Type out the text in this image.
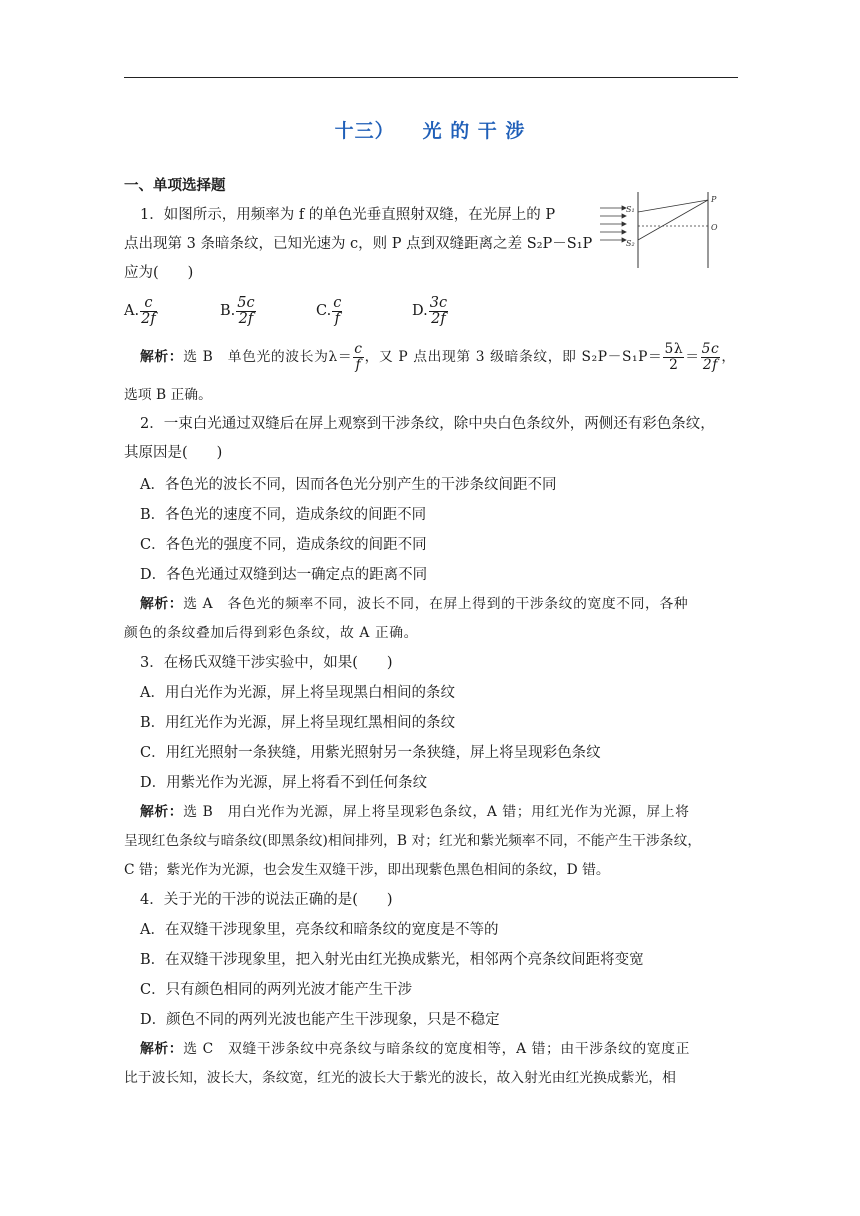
十三） 光 的 干 涉
一、单项选择题
1．如图所示，用频率为 f 的单色光垂直照射双缝，在光屏上的 P
点出现第 3 条暗条纹，已知光速为 c，则 P 点到双缝距离之差 S₂P－S₁P
应为(　　)
S₁
S₂
P
O
A. $\frac{c}{2f}$	B. $\frac{5c}{2f}$	C. $\frac{c}{f}$	D. $\frac{3c}{2f}$
解析：选 B　单色光的波长为$\lambda= \frac{c}{f}$ ，又 P 点出现第 3 级暗条纹，即 $S_2P-S_1P= \frac{5\lambda}{2} = \frac{5c}{2f}$ ，
选项 B 正确。
2．一束白光通过双缝后在屏上观察到干涉条纹，除中央白色条纹外，两侧还有彩色条纹，
其原因是(　　)
A．各色光的波长不同，因而各色光分别产生的干涉条纹间距不同
B．各色光的速度不同，造成条纹的间距不同
C．各色光的强度不同，造成条纹的间距不同
D．各色光通过双缝到达一确定点的距离不同
解析：选 A　各色光的频率不同，波长不同，在屏上得到的干涉条纹的宽度不同，各种
颜色的条纹叠加后得到彩色条纹，故 A 正确。
3．在杨氏双缝干涉实验中，如果(　　)
A．用白光作为光源，屏上将呈现黑白相间的条纹
B．用红光作为光源，屏上将呈现红黑相间的条纹
C．用红光照射一条狭缝，用紫光照射另一条狭缝，屏上将呈现彩色条纹
D．用紫光作为光源，屏上将看不到任何条纹
解析：选 B　用白光作为光源，屏上将呈现彩色条纹，A 错；用红光作为光源，屏上将
呈现红色条纹与暗条纹(即黑条纹)相间排列，B 对；红光和紫光频率不同，不能产生干涉条纹，
C 错；紫光作为光源，也会发生双缝干涉，即出现紫色黑色相间的条纹，D 错。
4．关于光的干涉的说法正确的是(　　)
A．在双缝干涉现象里，亮条纹和暗条纹的宽度是不等的
B．在双缝干涉现象里，把入射光由红光换成紫光，相邻两个亮条纹间距将变宽
C．只有颜色相同的两列光波才能产生干涉
D．颜色不同的两列光波也能产生干涉现象，只是不稳定
解析：选 C　双缝干涉条纹中亮条纹与暗条纹的宽度相等，A 错；由干涉条纹的宽度正
比于波长知，波长大，条纹宽，红光的波长大于紫光的波长，故入射光由红光换成紫光，相
